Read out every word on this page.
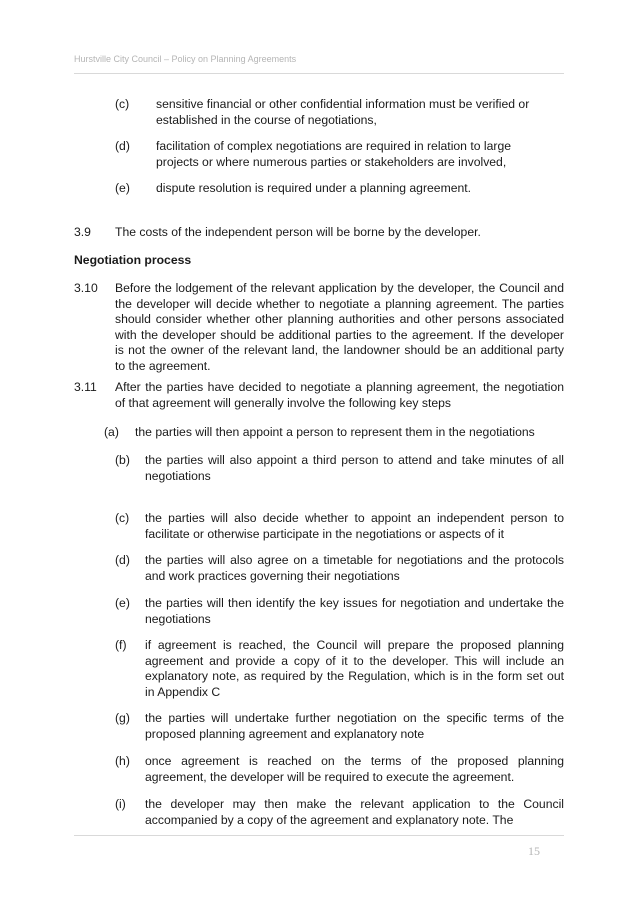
Hurstville City Council – Policy on Planning Agreements
(c) sensitive financial or other confidential information must be verified or established in the course of negotiations,
(d) facilitation of complex negotiations are required in relation to large projects or where numerous parties or stakeholders are involved,
(e) dispute resolution is required under a planning agreement.
3.9 The costs of the independent person will be borne by the developer.
Negotiation process
3.10 Before the lodgement of the relevant application by the developer, the Council and the developer will decide whether to negotiate a planning agreement. The parties should consider whether other planning authorities and other persons associated with the developer should be additional parties to the agreement. If the developer is not the owner of the relevant land, the landowner should be an additional party to the agreement.
3.11 After the parties have decided to negotiate a planning agreement, the negotiation of that agreement will generally involve the following key steps
(a) the parties will then appoint a person to represent them in the negotiations
(b) the parties will also appoint a third person to attend and take minutes of all negotiations
(c) the parties will also decide whether to appoint an independent person to facilitate or otherwise participate in the negotiations or aspects of it
(d) the parties will also agree on a timetable for negotiations and the protocols and work practices governing their negotiations
(e) the parties will then identify the key issues for negotiation and undertake the negotiations
(f) if agreement is reached, the Council will prepare the proposed planning agreement and provide a copy of it to the developer. This will include an explanatory note, as required by the Regulation, which is in the form set out in Appendix C
(g) the parties will undertake further negotiation on the specific terms of the proposed planning agreement and explanatory note
(h) once agreement is reached on the terms of the proposed planning agreement, the developer will be required to execute the agreement.
(i) the developer may then make the relevant application to the Council accompanied by a copy of the agreement and explanatory note. The
15
